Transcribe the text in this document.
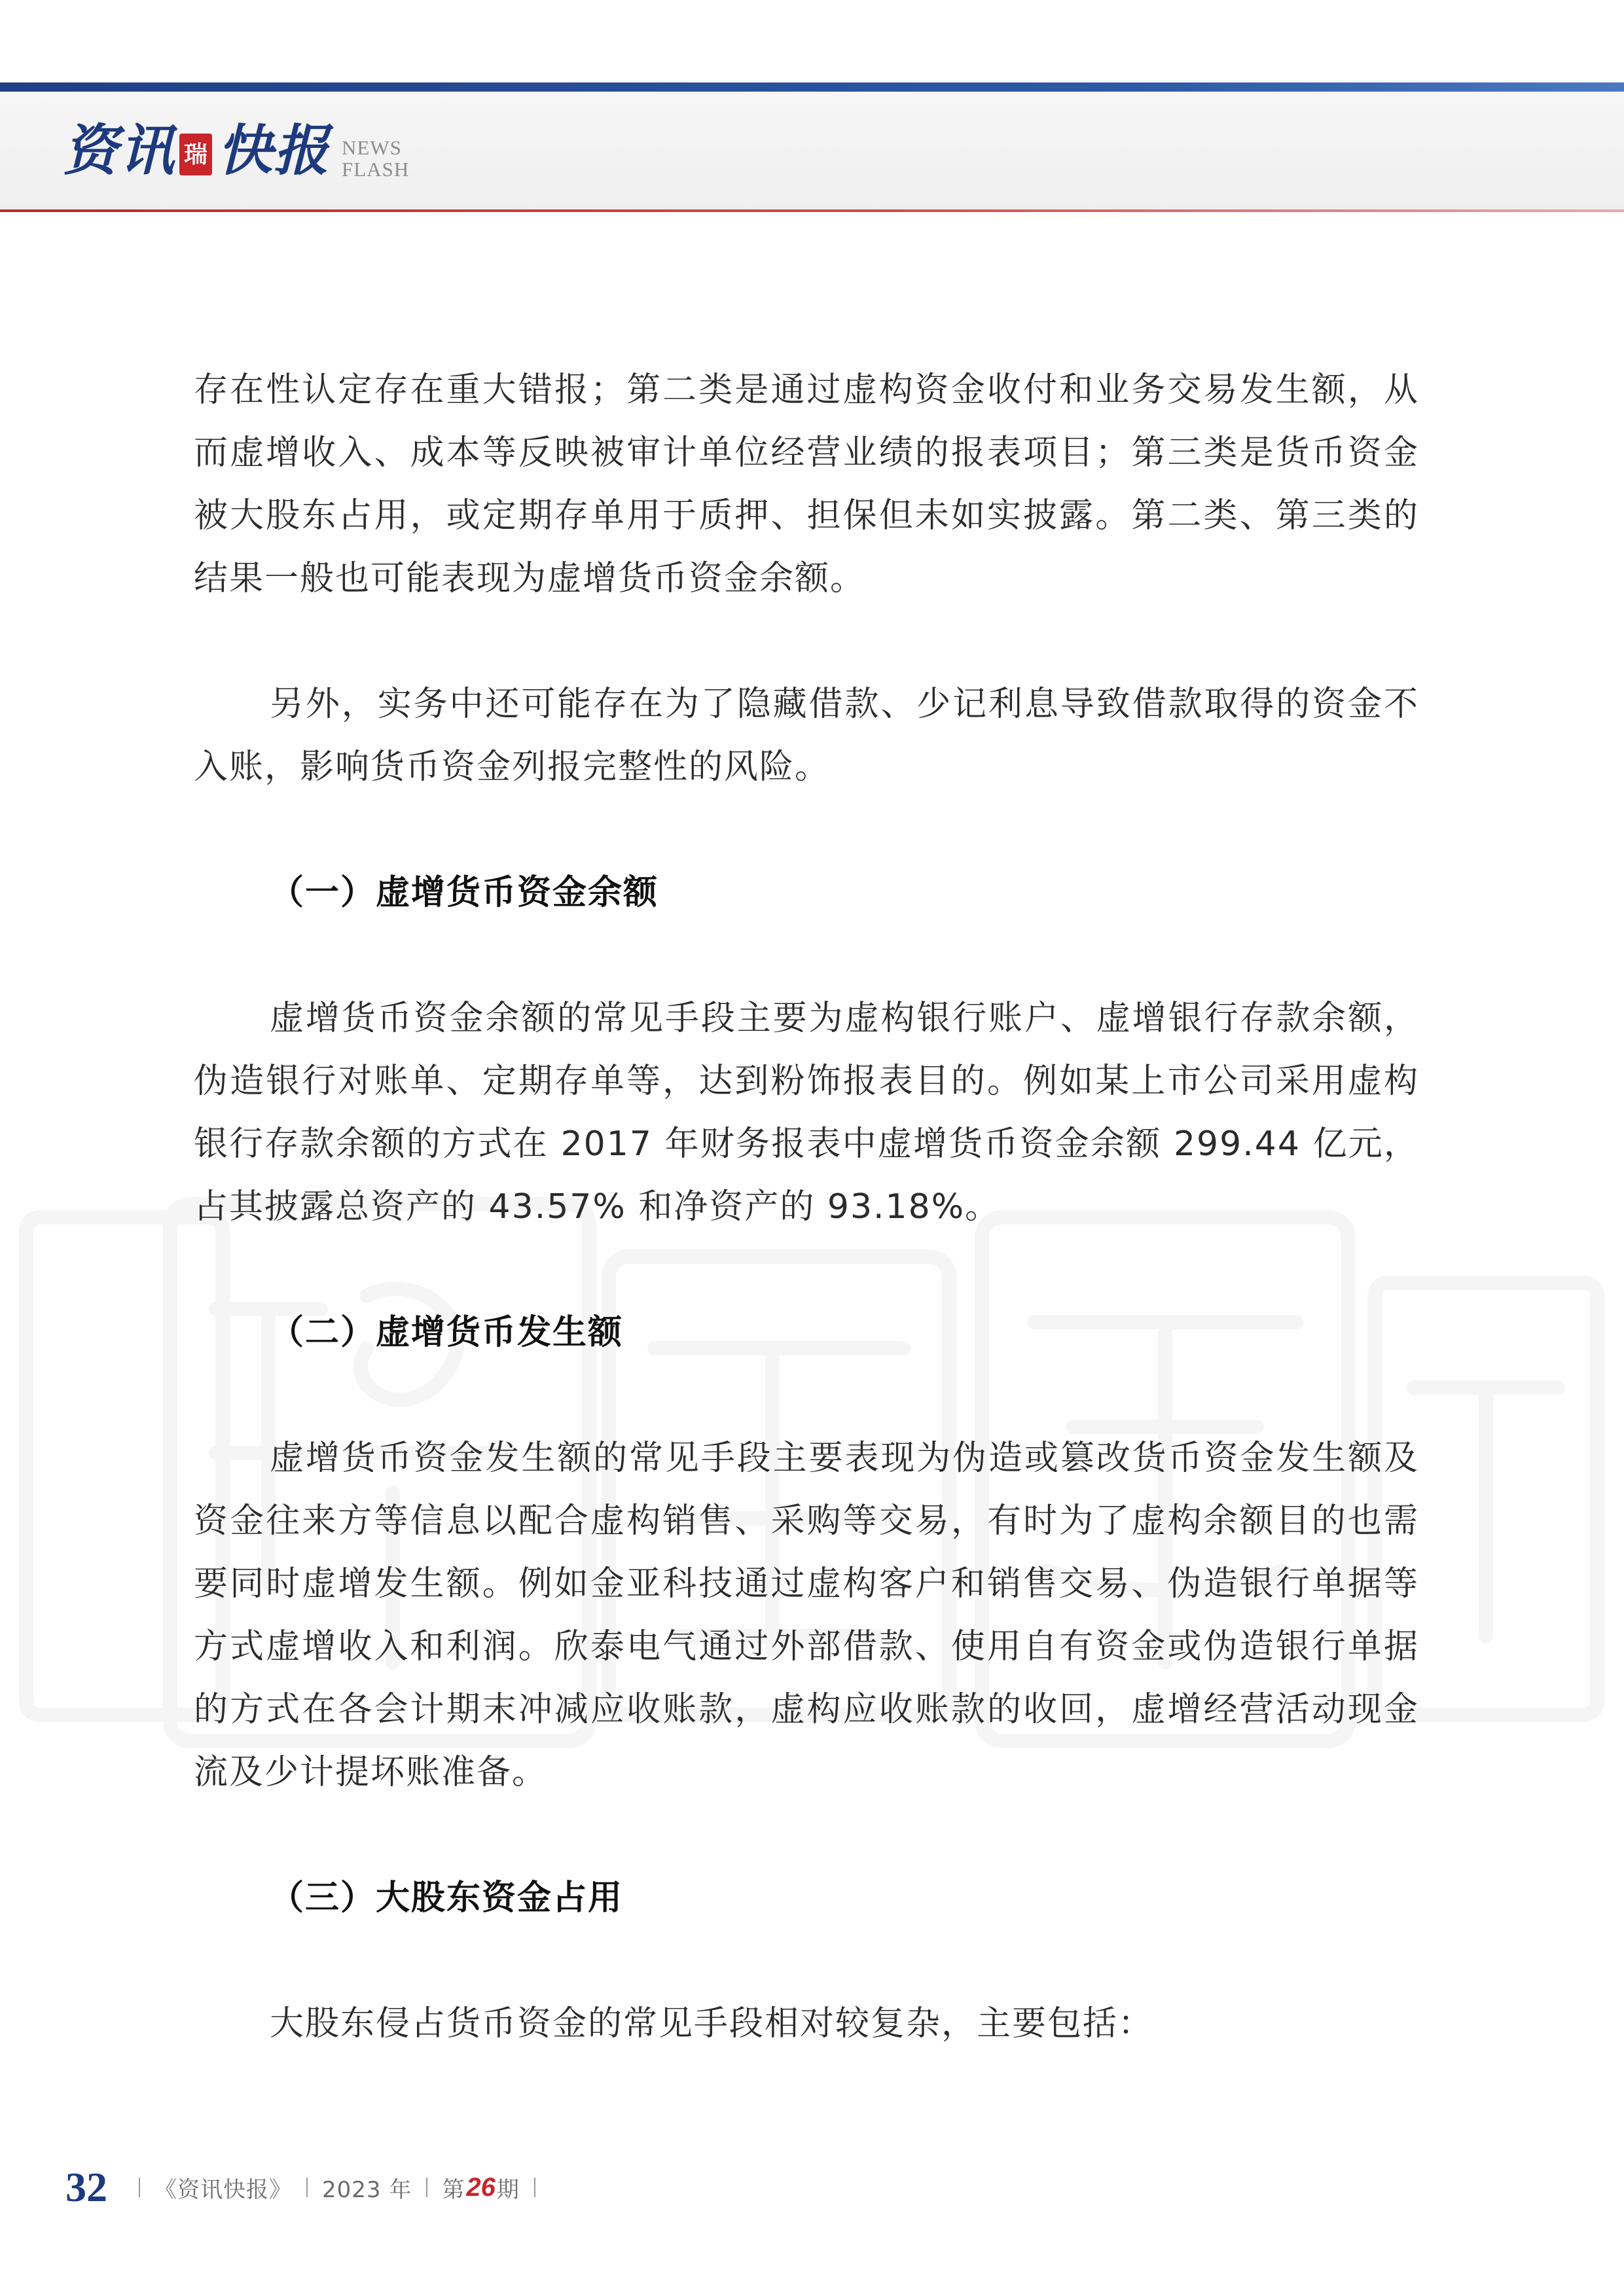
资讯 瑞 快报 NEWS
FLASH

存在性认定存在重大错报；第二类是通过虚构资金收付和业务交易发生额，从而虚增收入、成本等反映被审计单位经营业绩的报表项目；第三类是货币资金被大股东占用，或定期存单用于质押、担保但未如实披露。第二类、第三类的结果一般也可能表现为虚增货币资金余额。

另外，实务中还可能存在为了隐藏借款、少记利息导致借款取得的资金不入账，影响货币资金列报完整性的风险。

（一）虚增货币资金余额

虚增货币资金余额的常见手段主要为虚构银行账户、虚增银行存款余额，伪造银行对账单、定期存单等，达到粉饰报表目的。例如某上市公司采用虚构银行存款余额的方式在 2017 年财务报表中虚增货币资金余额 299.44 亿元，占其披露总资产的 43.57% 和净资产的 93.18%。

（二）虚增货币发生额

虚增货币资金发生额的常见手段主要表现为伪造或篡改货币资金发生额及资金往来方等信息以配合虚构销售、采购等交易，有时为了虚构余额目的也需要同时虚增发生额。例如金亚科技通过虚构客户和销售交易、伪造银行单据等方式虚增收入和利润。欣泰电气通过外部借款、使用自有资金或伪造银行单据的方式在各会计期末冲减应收账款，虚构应收账款的收回，虚增经营活动现金流及少计提坏账准备。

（三）大股东资金占用

大股东侵占货币资金的常见手段相对较复杂，主要包括：

32 《资讯快报》 2023 年 第 26 期
